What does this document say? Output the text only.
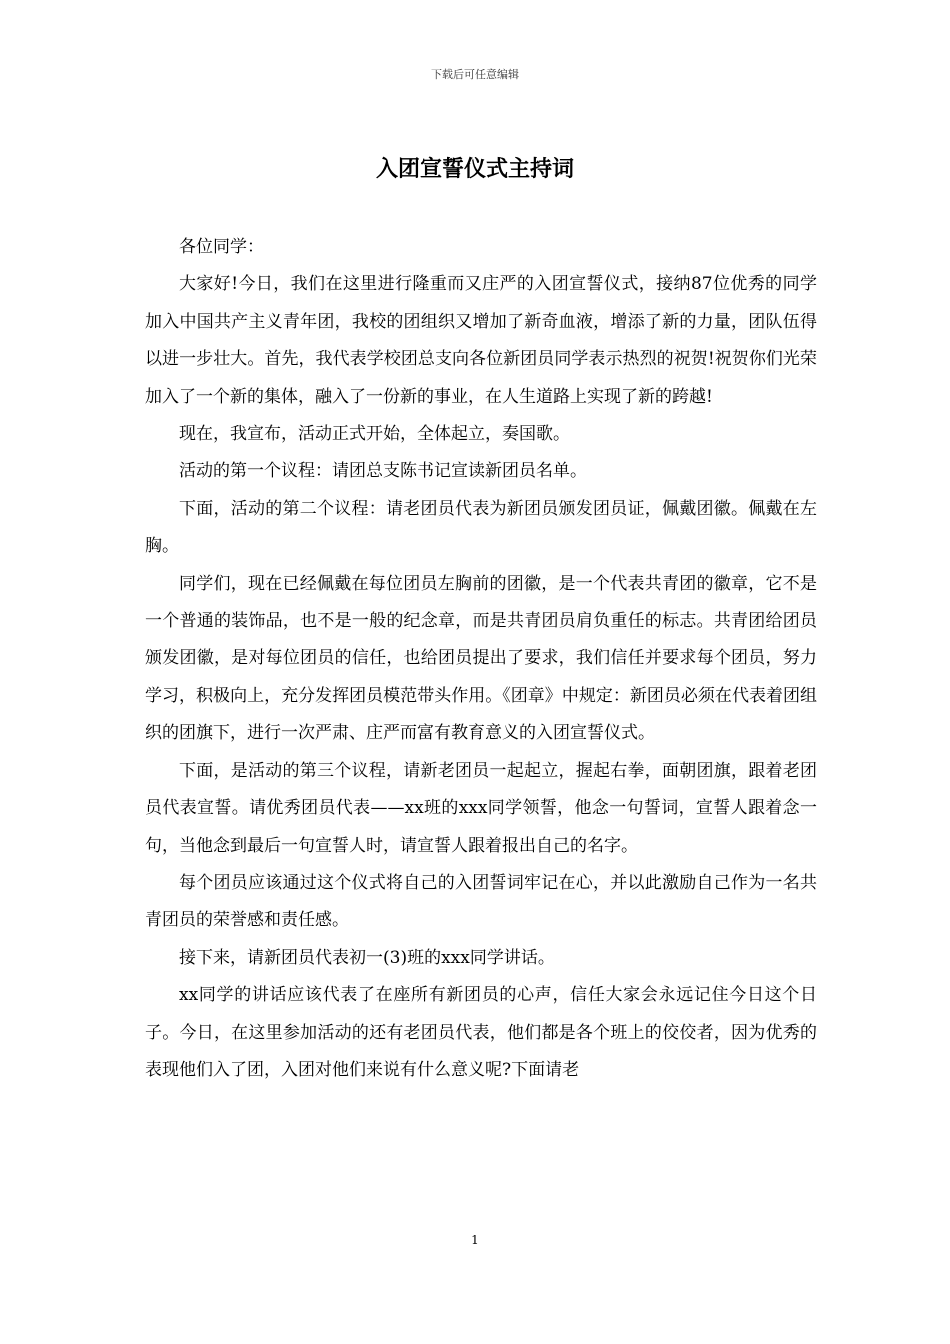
下载后可任意编辑
入团宣誓仪式主持词

各位同学：

大家好!今日，我们在这里进行隆重而又庄严的入团宣誓仪式，接纳87位优秀的同学加入中国共产主义青年团，我校的团组织又增加了新奇血液，增添了新的力量，团队伍得以进一步壮大。首先，我代表学校团总支向各位新团员同学表示热烈的祝贺!祝贺你们光荣加入了一个新的集体，融入了一份新的事业，在人生道路上实现了新的跨越!

现在，我宣布，活动正式开始，全体起立，奏国歌。

活动的第一个议程：请团总支陈书记宣读新团员名单。

下面，活动的第二个议程：请老团员代表为新团员颁发团员证，佩戴团徽。佩戴在左胸。

同学们，现在已经佩戴在每位团员左胸前的团徽，是一个代表共青团的徽章，它不是一个普通的装饰品，也不是一般的纪念章，而是共青团员肩负重任的标志。共青团给团员颁发团徽，是对每位团员的信任，也给团员提出了要求，我们信任并要求每个团员，努力学习，积极向上，充分发挥团员模范带头作用。《团章》中规定：新团员必须在代表着团组织的团旗下，进行一次严肃、庄严而富有教育意义的入团宣誓仪式。

下面，是活动的第三个议程，请新老团员一起起立，握起右拳，面朝团旗，跟着老团员代表宣誓。请优秀团员代表——xx班的xxx同学领誓，他念一句誓词，宣誓人跟着念一句，当他念到最后一句宣誓人时，请宣誓人跟着报出自己的名字。

每个团员应该通过这个仪式将自己的入团誓词牢记在心，并以此激励自己作为一名共青团员的荣誉感和责任感。

接下来，请新团员代表初一(3)班的xxx同学讲话。

xx同学的讲话应该代表了在座所有新团员的心声，信任大家会永远记住今日这个日子。今日，在这里参加活动的还有老团员代表，他们都是各个班上的佼佼者，因为优秀的表现他们入了团，入团对他们来说有什么意义呢?下面请老

1
